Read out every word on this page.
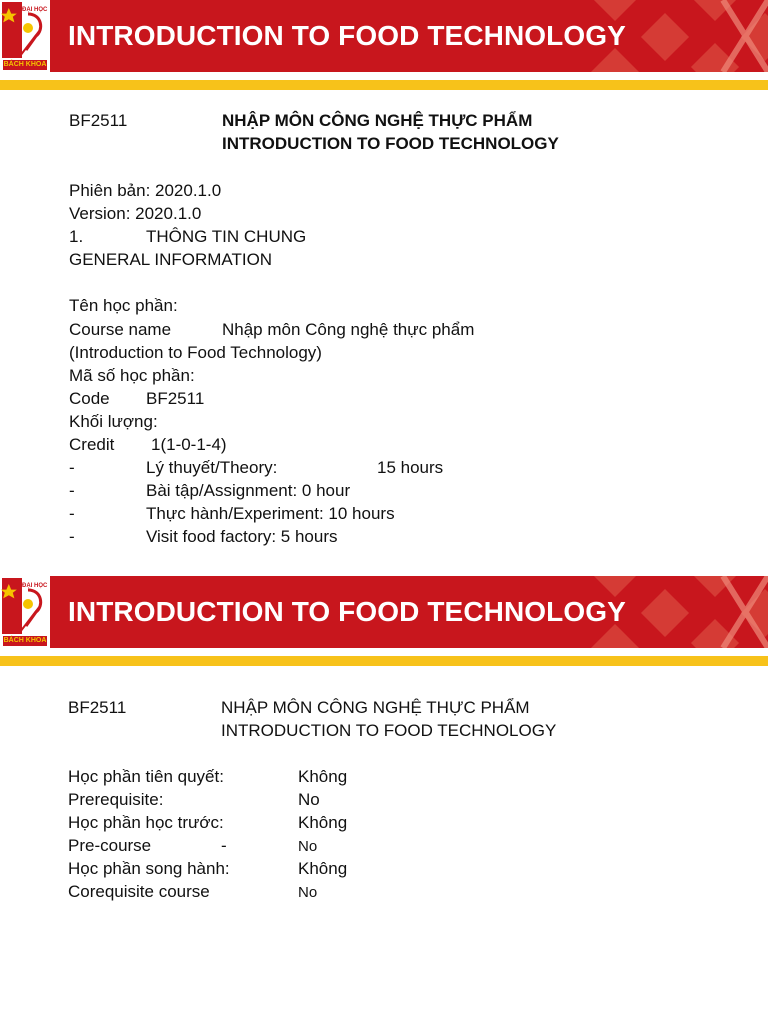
ĐẠI HỌC
BÁCH KHOA
INTRODUCTION TO FOOD TECHNOLOGY
BF2511	NHẬP MÔN CÔNG NGHỆ THỰC PHẨM
INTRODUCTION TO FOOD TECHNOLOGY
Phiên bản: 2020.1.0
Version: 2020.1.0
1.	THÔNG TIN CHUNG
GENERAL INFORMATION
Tên học phần:
Course name	Nhập môn Công nghệ thực phẩm
(Introduction to Food Technology)
Mã số học phần:
Code BF2511
Khối lượng:
Credit 1(1-0-1-4)
-	Lý thuyết/Theory:	15 hours
-	Bài tập/Assignment: 0 hour
-	Thực hành/Experiment: 10 hours
-	Visit food factory: 5 hours
ĐẠI HỌC
BÁCH KHOA
INTRODUCTION TO FOOD TECHNOLOGY
BF2511	NHẬP MÔN CÔNG NGHỆ THỰC PHẨM
INTRODUCTION TO FOOD TECHNOLOGY
Học phần tiên quyết:	Không
Prerequisite:	No
Học phần học trước:	Không
Pre-course	-	No
Học phần song hành:	Không
Corequisite course	No
